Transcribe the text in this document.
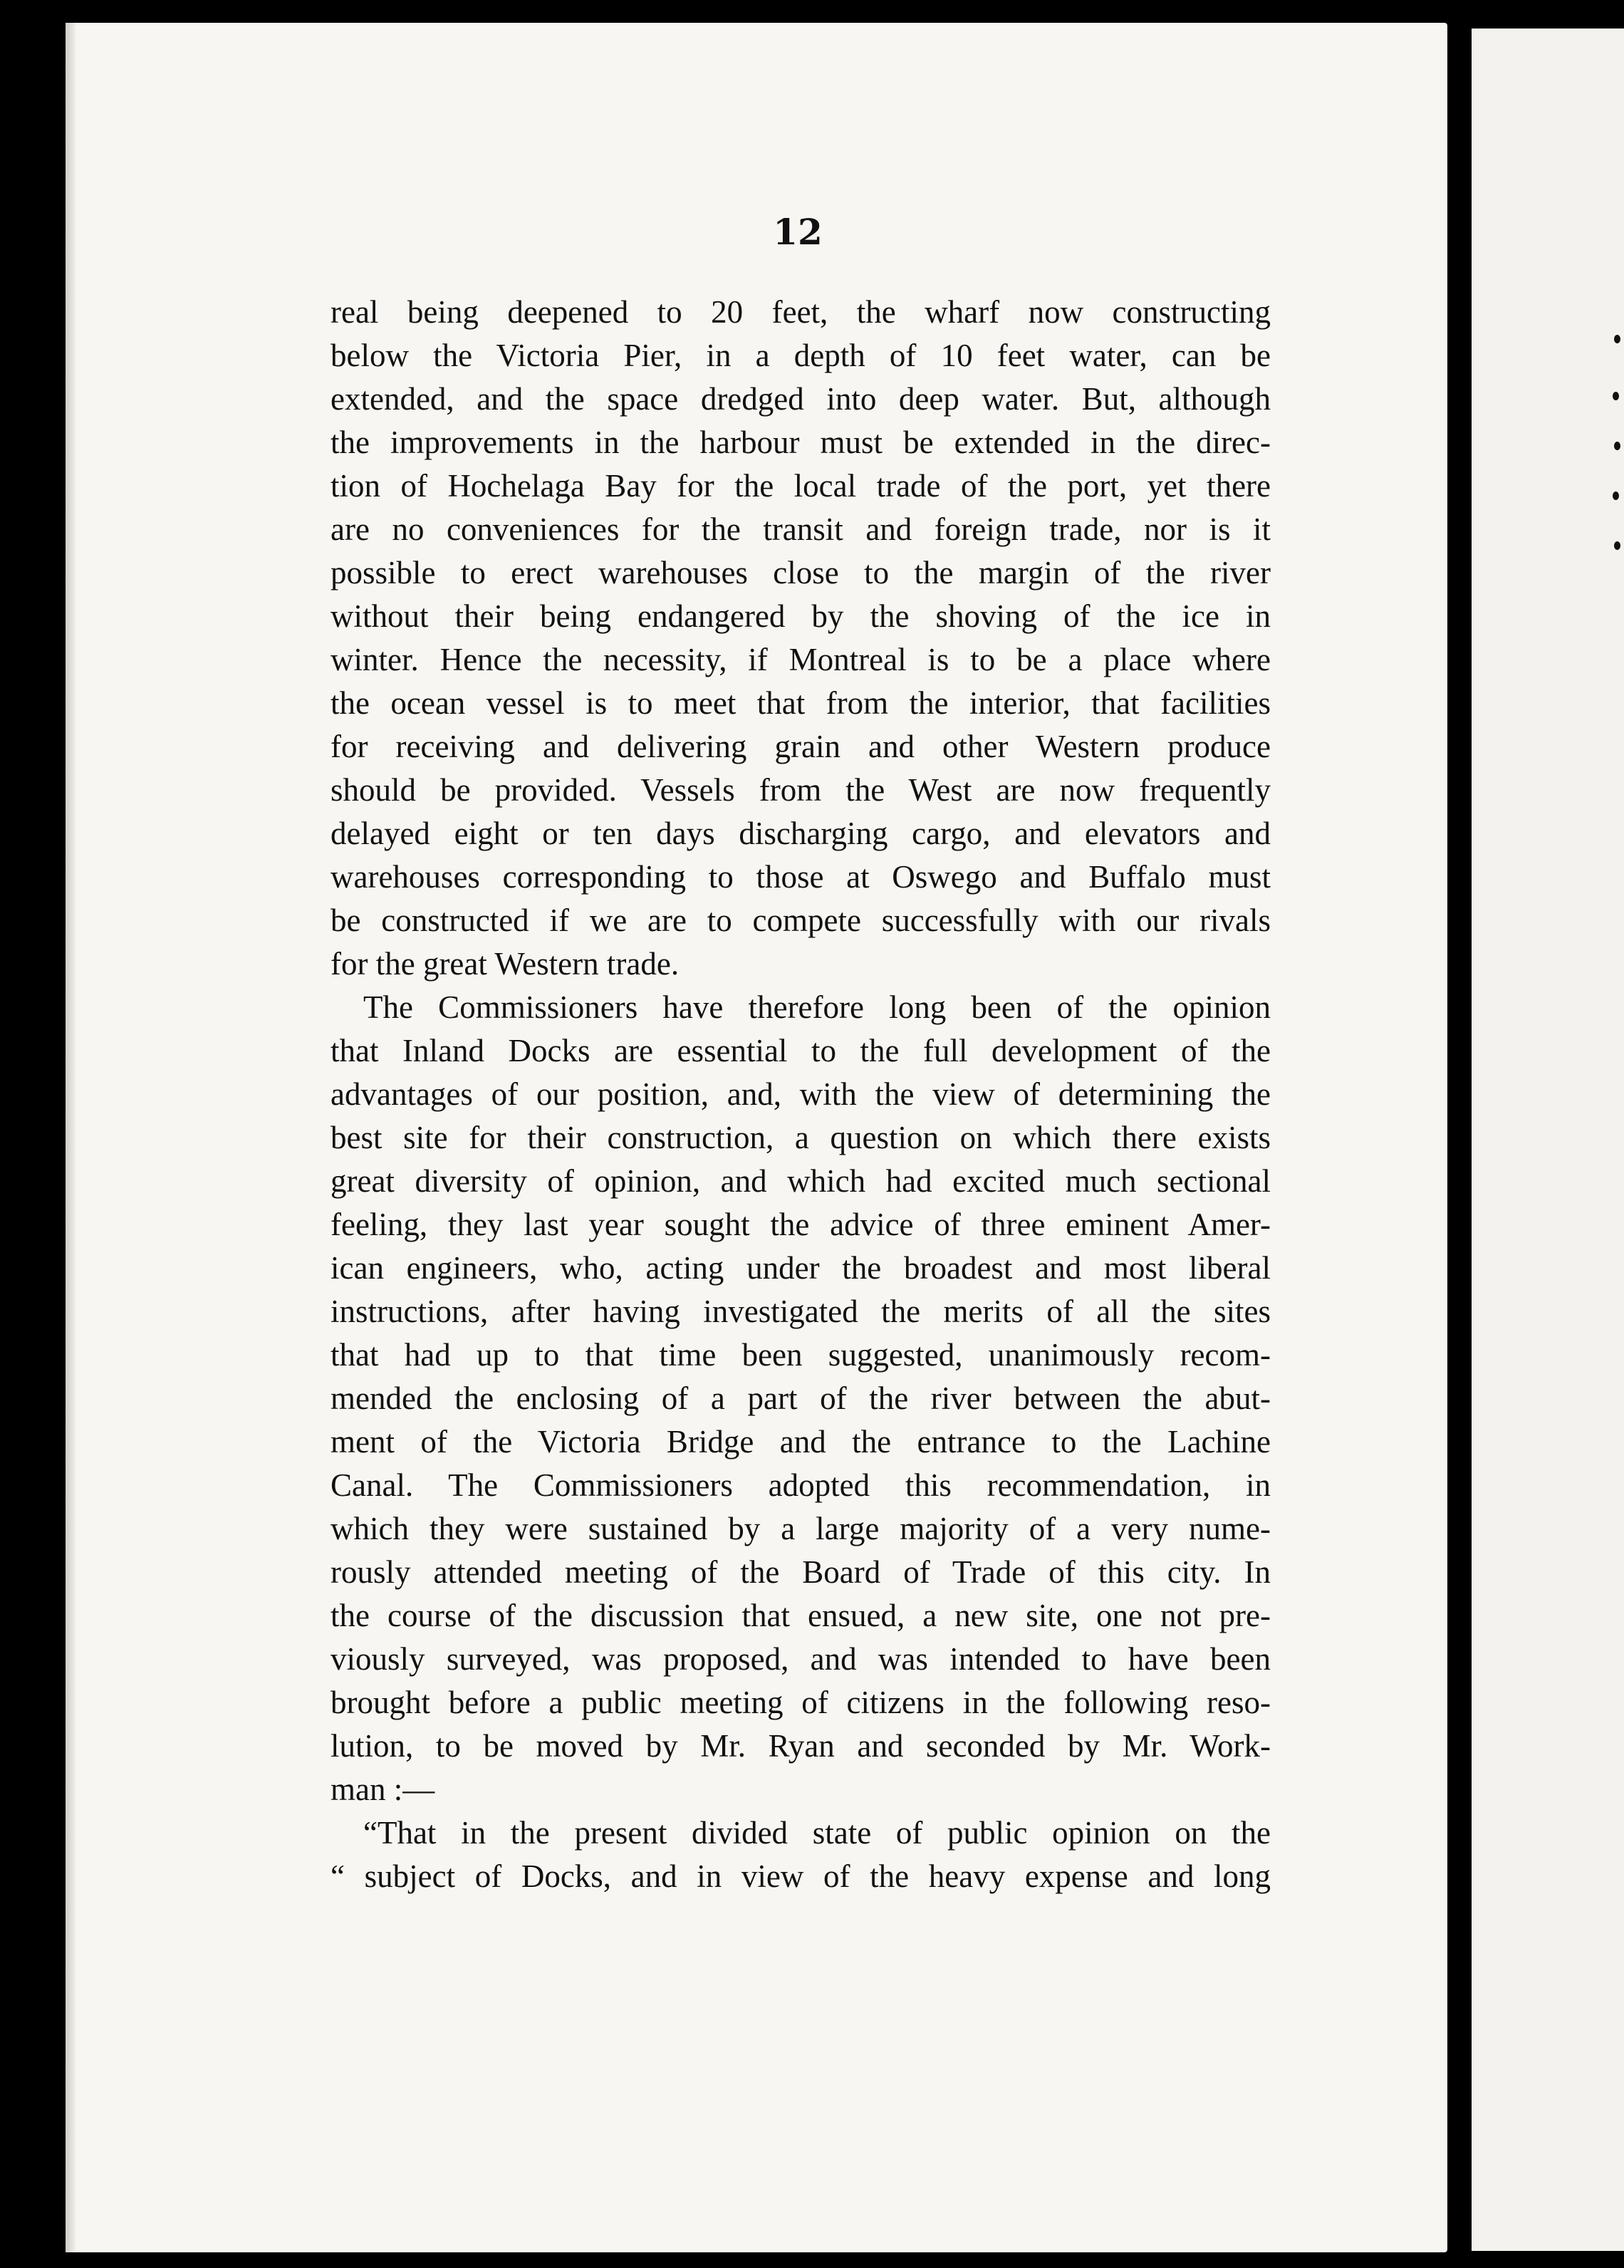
12
real being deepened to 20 feet, the wharf now constructing
below the Victoria Pier, in a depth of 10 feet water, can be
extended, and the space dredged into deep water. But, although
the improvements in the harbour must be extended in the direc-
tion of Hochelaga Bay for the local trade of the port, yet there
are no conveniences for the transit and foreign trade, nor is it
possible to erect warehouses close to the margin of the river
without their being endangered by the shoving of the ice in
winter. Hence the necessity, if Montreal is to be a place where
the ocean vessel is to meet that from the interior, that facilities
for receiving and delivering grain and other Western produce
should be provided. Vessels from the West are now frequently
delayed eight or ten days discharging cargo, and elevators and
warehouses corresponding to those at Oswego and Buffalo must
be constructed if we are to compete successfully with our rivals
for the great Western trade.
The Commissioners have therefore long been of the opinion
that Inland Docks are essential to the full development of the
advantages of our position, and, with the view of determining the
best site for their construction, a question on which there exists
great diversity of opinion, and which had excited much sectional
feeling, they last year sought the advice of three eminent Amer-
ican engineers, who, acting under the broadest and most liberal
instructions, after having investigated the merits of all the sites
that had up to that time been suggested, unanimously recom-
mended the enclosing of a part of the river between the abut-
ment of the Victoria Bridge and the entrance to the Lachine
Canal. The Commissioners adopted this recommendation, in
which they were sustained by a large majority of a very nume-
rously attended meeting of the Board of Trade of this city. In
the course of the discussion that ensued, a new site, one not pre-
viously surveyed, was proposed, and was intended to have been
brought before a public meeting of citizens in the following reso-
lution, to be moved by Mr. Ryan and seconded by Mr. Work-
man :—
“That in the present divided state of public opinion on the
“ subject of Docks, and in view of the heavy expense and long
